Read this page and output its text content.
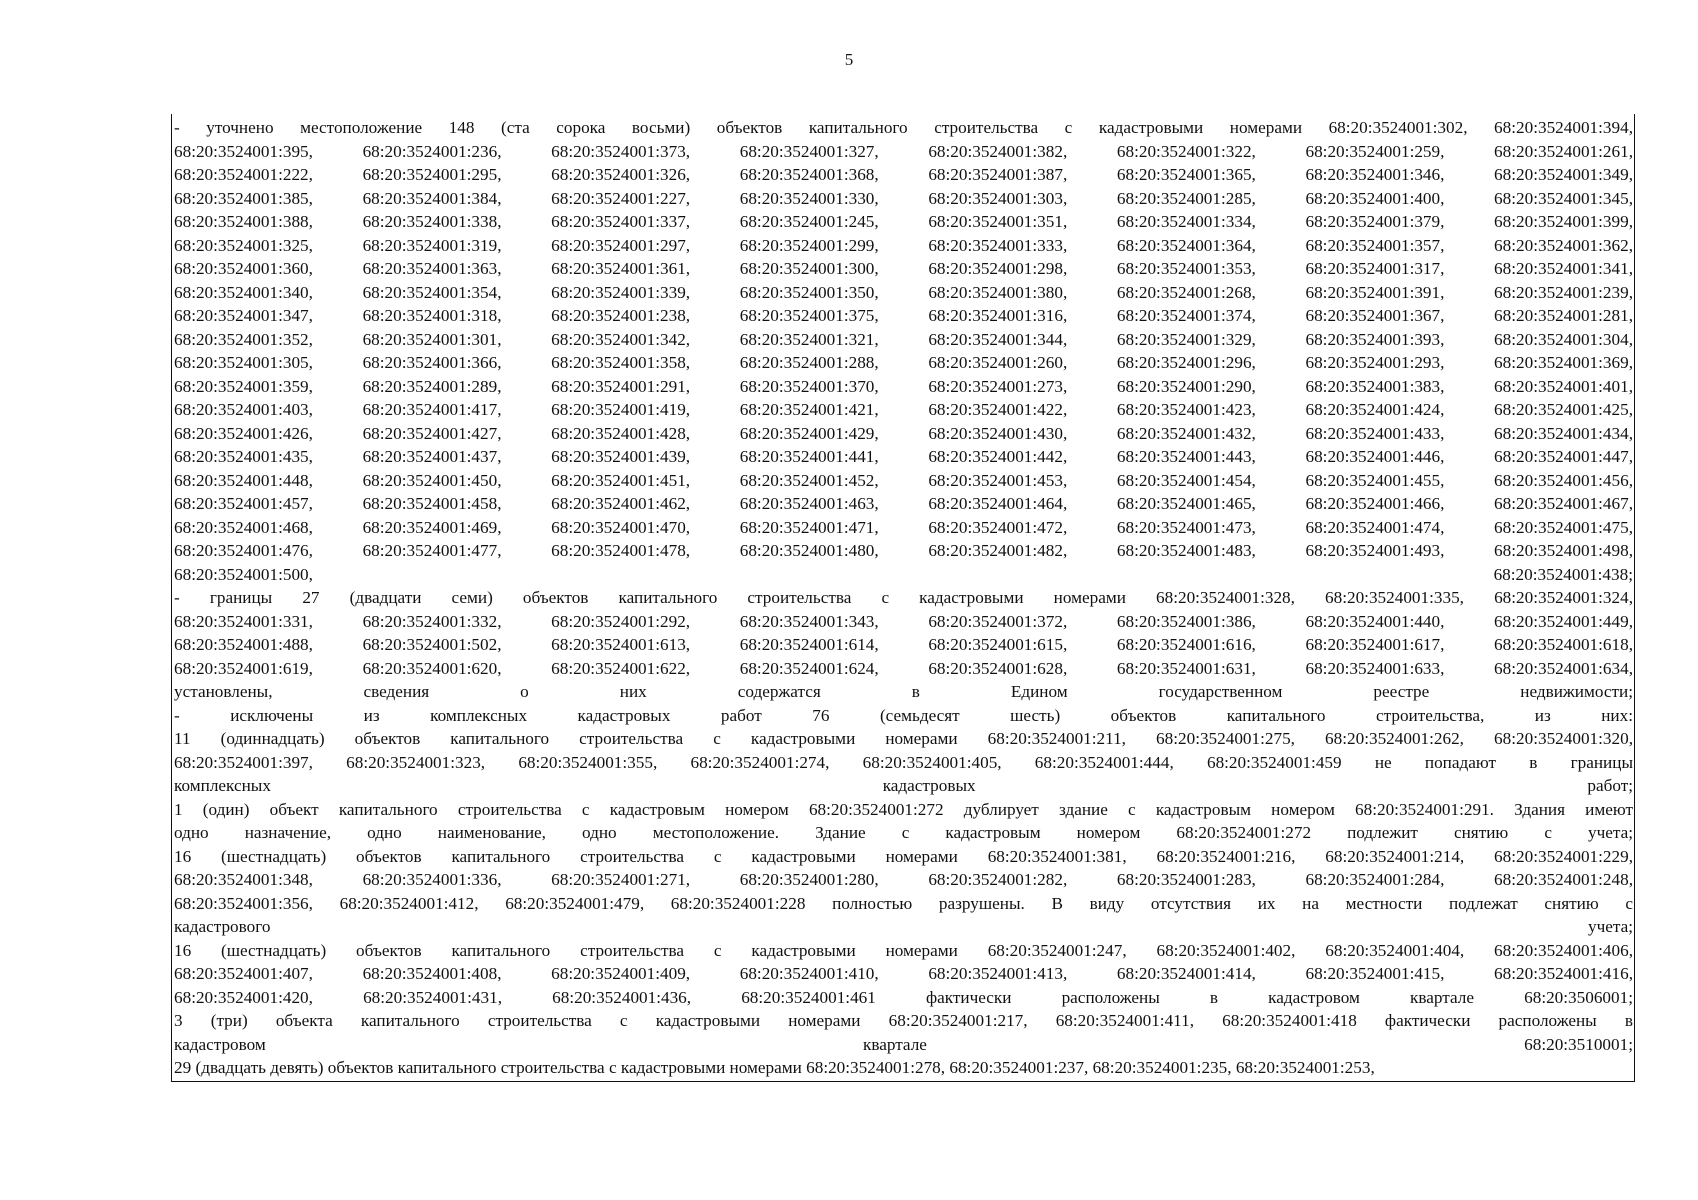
5

- уточнено местоположение 148 (ста сорока восьми) объектов капитального строительства с кадастровыми номерами 68:20:3524001:302, 68:20:3524001:394,

68:20:3524001:395, 68:20:3524001:236, 68:20:3524001:373, 68:20:3524001:327, 68:20:3524001:382, 68:20:3524001:322, 68:20:3524001:259, 68:20:3524001:261,

68:20:3524001:222, 68:20:3524001:295, 68:20:3524001:326, 68:20:3524001:368, 68:20:3524001:387, 68:20:3524001:365, 68:20:3524001:346, 68:20:3524001:349,

68:20:3524001:385, 68:20:3524001:384, 68:20:3524001:227, 68:20:3524001:330, 68:20:3524001:303, 68:20:3524001:285, 68:20:3524001:400, 68:20:3524001:345,

68:20:3524001:388, 68:20:3524001:338, 68:20:3524001:337, 68:20:3524001:245, 68:20:3524001:351, 68:20:3524001:334, 68:20:3524001:379, 68:20:3524001:399,

68:20:3524001:325, 68:20:3524001:319, 68:20:3524001:297, 68:20:3524001:299, 68:20:3524001:333, 68:20:3524001:364, 68:20:3524001:357, 68:20:3524001:362,

68:20:3524001:360, 68:20:3524001:363, 68:20:3524001:361, 68:20:3524001:300, 68:20:3524001:298, 68:20:3524001:353, 68:20:3524001:317, 68:20:3524001:341,

68:20:3524001:340, 68:20:3524001:354, 68:20:3524001:339, 68:20:3524001:350, 68:20:3524001:380, 68:20:3524001:268, 68:20:3524001:391, 68:20:3524001:239,

68:20:3524001:347, 68:20:3524001:318, 68:20:3524001:238, 68:20:3524001:375, 68:20:3524001:316, 68:20:3524001:374, 68:20:3524001:367, 68:20:3524001:281,

68:20:3524001:352, 68:20:3524001:301, 68:20:3524001:342, 68:20:3524001:321, 68:20:3524001:344, 68:20:3524001:329, 68:20:3524001:393, 68:20:3524001:304,

68:20:3524001:305, 68:20:3524001:366, 68:20:3524001:358, 68:20:3524001:288, 68:20:3524001:260, 68:20:3524001:296, 68:20:3524001:293, 68:20:3524001:369,

68:20:3524001:359, 68:20:3524001:289, 68:20:3524001:291, 68:20:3524001:370, 68:20:3524001:273, 68:20:3524001:290, 68:20:3524001:383, 68:20:3524001:401,

68:20:3524001:403, 68:20:3524001:417, 68:20:3524001:419, 68:20:3524001:421, 68:20:3524001:422, 68:20:3524001:423, 68:20:3524001:424, 68:20:3524001:425,

68:20:3524001:426, 68:20:3524001:427, 68:20:3524001:428, 68:20:3524001:429, 68:20:3524001:430, 68:20:3524001:432, 68:20:3524001:433, 68:20:3524001:434,

68:20:3524001:435, 68:20:3524001:437, 68:20:3524001:439, 68:20:3524001:441, 68:20:3524001:442, 68:20:3524001:443, 68:20:3524001:446, 68:20:3524001:447,

68:20:3524001:448, 68:20:3524001:450, 68:20:3524001:451, 68:20:3524001:452, 68:20:3524001:453, 68:20:3524001:454, 68:20:3524001:455, 68:20:3524001:456,

68:20:3524001:457, 68:20:3524001:458, 68:20:3524001:462, 68:20:3524001:463, 68:20:3524001:464, 68:20:3524001:465, 68:20:3524001:466, 68:20:3524001:467,

68:20:3524001:468, 68:20:3524001:469, 68:20:3524001:470, 68:20:3524001:471, 68:20:3524001:472, 68:20:3524001:473, 68:20:3524001:474, 68:20:3524001:475,

68:20:3524001:476, 68:20:3524001:477, 68:20:3524001:478, 68:20:3524001:480, 68:20:3524001:482, 68:20:3524001:483, 68:20:3524001:493, 68:20:3524001:498,

68:20:3524001:500, 68:20:3524001:438;

- границы 27 (двадцати семи) объектов капитального строительства с кадастровыми номерами 68:20:3524001:328, 68:20:3524001:335, 68:20:3524001:324,

68:20:3524001:331, 68:20:3524001:332, 68:20:3524001:292, 68:20:3524001:343, 68:20:3524001:372, 68:20:3524001:386, 68:20:3524001:440, 68:20:3524001:449,

68:20:3524001:488, 68:20:3524001:502, 68:20:3524001:613, 68:20:3524001:614, 68:20:3524001:615, 68:20:3524001:616, 68:20:3524001:617, 68:20:3524001:618,

68:20:3524001:619, 68:20:3524001:620, 68:20:3524001:622, 68:20:3524001:624, 68:20:3524001:628, 68:20:3524001:631, 68:20:3524001:633, 68:20:3524001:634,

установлены, сведения о них содержатся в Едином государственном реестре недвижимости;

- исключены из комплексных кадастровых работ 76 (семьдесят шесть) объектов капитального строительства, из них:

11 (одиннадцать) объектов капитального строительства с кадастровыми номерами 68:20:3524001:211, 68:20:3524001:275, 68:20:3524001:262, 68:20:3524001:320,

68:20:3524001:397, 68:20:3524001:323, 68:20:3524001:355, 68:20:3524001:274, 68:20:3524001:405, 68:20:3524001:444, 68:20:3524001:459 не попадают в границы

комплексных кадастровых работ;

1 (один) объект капитального строительства с кадастровым номером 68:20:3524001:272 дублирует здание с кадастровым номером 68:20:3524001:291. Здания имеют

одно назначение, одно наименование, одно местоположение. Здание с кадастровым номером 68:20:3524001:272 подлежит снятию с учета;

16 (шестнадцать) объектов капитального строительства с кадастровыми номерами 68:20:3524001:381, 68:20:3524001:216, 68:20:3524001:214, 68:20:3524001:229,

68:20:3524001:348, 68:20:3524001:336, 68:20:3524001:271, 68:20:3524001:280, 68:20:3524001:282, 68:20:3524001:283, 68:20:3524001:284, 68:20:3524001:248,

68:20:3524001:356, 68:20:3524001:412, 68:20:3524001:479, 68:20:3524001:228 полностью разрушены. В виду отсутствия их на местности подлежат снятию с

кадастрового учета;

16 (шестнадцать) объектов капитального строительства с кадастровыми номерами 68:20:3524001:247, 68:20:3524001:402, 68:20:3524001:404, 68:20:3524001:406,

68:20:3524001:407, 68:20:3524001:408, 68:20:3524001:409, 68:20:3524001:410, 68:20:3524001:413, 68:20:3524001:414, 68:20:3524001:415, 68:20:3524001:416,

68:20:3524001:420, 68:20:3524001:431, 68:20:3524001:436, 68:20:3524001:461 фактически расположены в кадастровом квартале 68:20:3506001;

3 (три) объекта капитального строительства с кадастровыми номерами 68:20:3524001:217, 68:20:3524001:411, 68:20:3524001:418 фактически расположены в

кадастровом квартале 68:20:3510001;

29 (двадцать девять) объектов капитального строительства с кадастровыми номерами 68:20:3524001:278, 68:20:3524001:237, 68:20:3524001:235, 68:20:3524001:253,
